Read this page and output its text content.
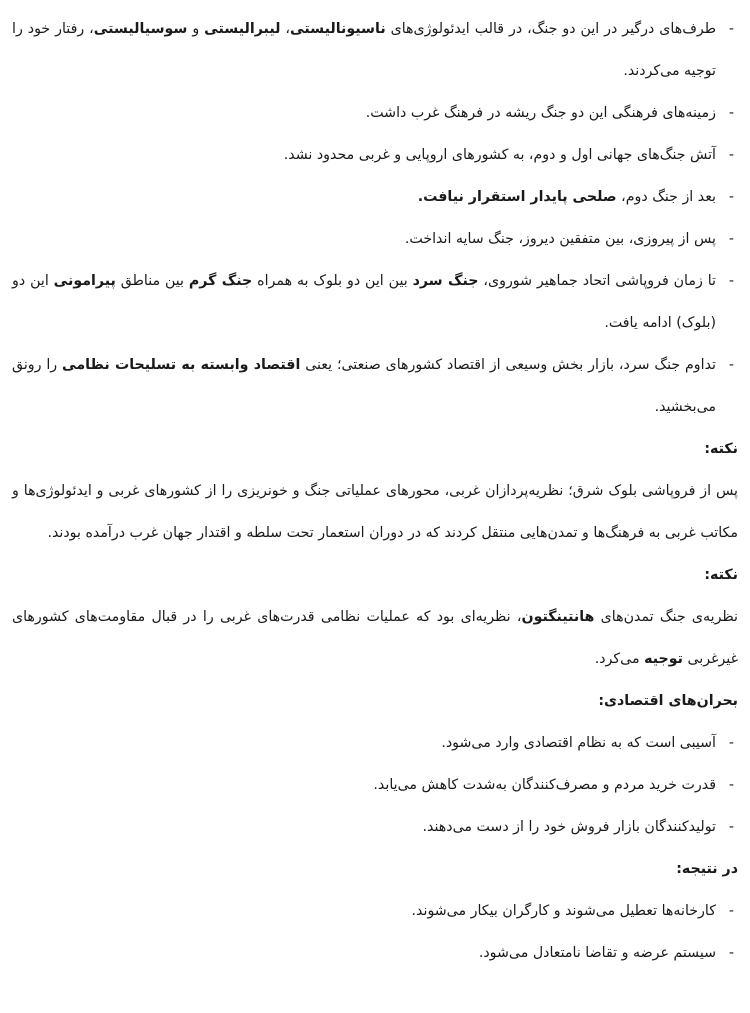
- طرف‌های درگیر در این دو جنگ، در قالب ایدئولوژی‌های ناسیونالیستی، لیبرالیستی و سوسیالیستی، رفتار خود را توجیه می‌کردند.
- زمینه‌های فرهنگی این دو جنگ ریشه در فرهنگ غرب داشت.
- آتش جنگ‌های جهانی اول و دوم، به کشورهای اروپایی و غربی محدود نشد.
- بعد از جنگ دوم، صلحی پایدار استقرار نیافت.
- پس از پیروزی، بین متفقین دیروز، جنگ سایه انداخت.
- تا زمان فروپاشی اتحاد جماهیر شوروی، جنگ سرد بین این دو بلوک به همراه جنگ گرم بین مناطق پیرامونی این دو (بلوک) ادامه یافت.
- تداوم جنگ سرد، بازار بخش وسیعی از اقتصاد کشورهای صنعتی؛ یعنی اقتصاد وابسته به تسلیحات نظامی را رونق می‌بخشید.
نکته:
پس از فروپاشی بلوک شرق؛ نظریه‌پردازان غربی، محورهای عملیاتی جنگ و خونریزی را از کشورهای غربی و ایدئولوژی‌ها و مکاتب غربی به فرهنگ‌ها و تمدن‌هایی منتقل کردند که در دوران استعمار تحت سلطه و اقتدار جهان غرب درآمده بودند.
نکته:
نظریه‌ی جنگ تمدن‌های هانتینگتون، نظریه‌ای بود که عملیات نظامی قدرت‌های غربی را در قبال مقاومت‌های کشورهای غیرغربی توجیه می‌کرد.
بحران‌های اقتصادی:
- آسیبی است که به نظام اقتصادی وارد می‌شود.
- قدرت خرید مردم و مصرف‌کنندگان به‌شدت کاهش می‌یابد.
- تولیدکنندگان بازار فروش خود را از دست می‌دهند.
در نتیجه:
- کارخانه‌ها تعطیل می‌شوند و کارگران بیکار می‌شوند.
- سیستم عرضه و تقاضا نامتعادل می‌شود.
